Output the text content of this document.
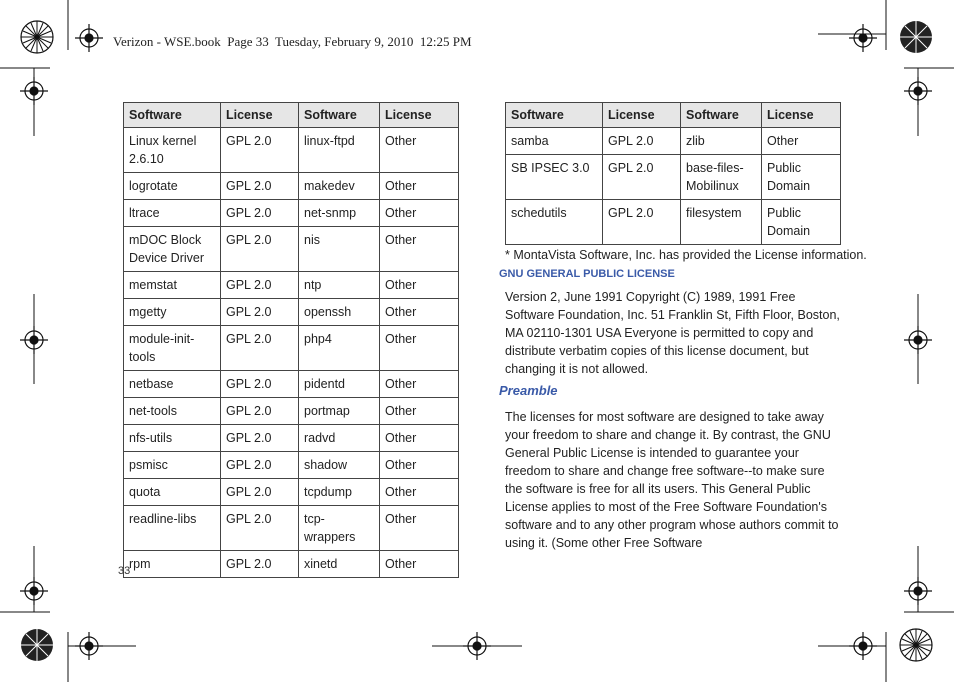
Verizon - WSE.book  Page 33  Tuesday, February 9, 2010  12:25 PM
Software	License	Software	License
Linux kernel 2.6.10	GPL 2.0	linux-ftpd	Other
logrotate	GPL 2.0	makedev	Other
ltrace	GPL 2.0	net-snmp	Other
mDOC Block Device Driver	GPL 2.0	nis	Other
memstat	GPL 2.0	ntp	Other
mgetty	GPL 2.0	openssh	Other
module-init-tools	GPL 2.0	php4	Other
netbase	GPL 2.0	pidentd	Other
net-tools	GPL 2.0	portmap	Other
nfs-utils	GPL 2.0	radvd	Other
psmisc	GPL 2.0	shadow	Other
quota	GPL 2.0	tcpdump	Other
readline-libs	GPL 2.0	tcp-wrappers	Other
rpm	GPL 2.0	xinetd	Other
Software	License	Software	License
samba	GPL 2.0	zlib	Other
SB IPSEC 3.0	GPL 2.0	base-files-Mobilinux	Public Domain
schedutils	GPL 2.0	filesystem	Public Domain
* MontaVista Software, Inc. has provided the License information.
GNU GENERAL PUBLIC LICENSE

Version 2, June 1991 Copyright (C) 1989, 1991 Free Software Foundation, Inc. 51 Franklin St, Fifth Floor, Boston, MA 02110-1301 USA Everyone is permitted to copy and distribute verbatim copies of this license document, but changing it is not allowed.

Preamble

The licenses for most software are designed to take away your freedom to share and change it. By contrast, the GNU General Public License is intended to guarantee your freedom to share and change free software--to make sure the software is free for all its users. This General Public License applies to most of the Free Software Foundation's software and to any other program whose authors commit to using it. (Some other Free Software

33
